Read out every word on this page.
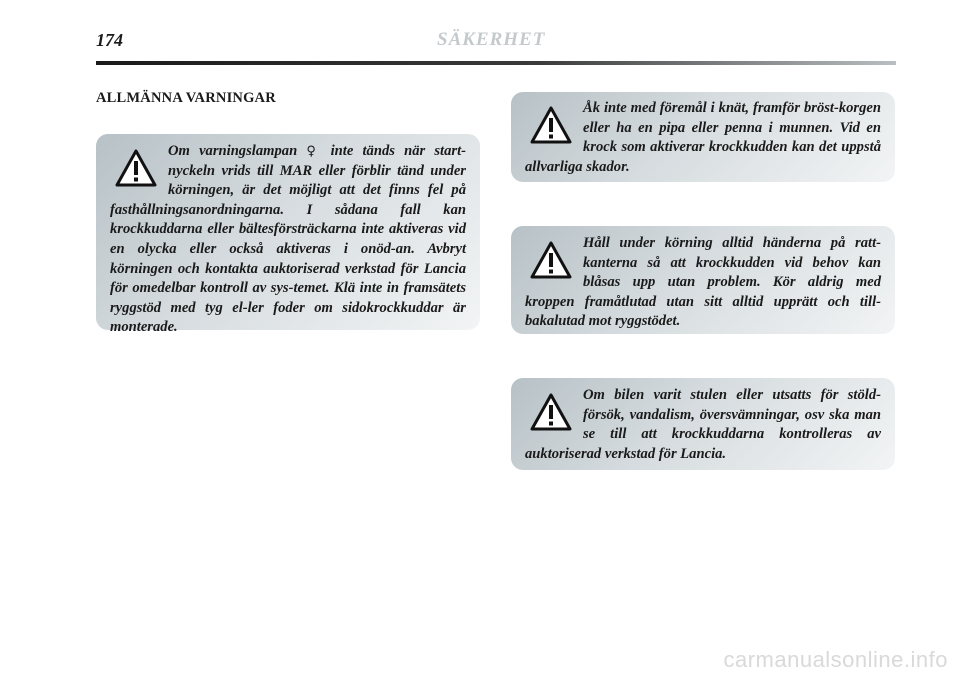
174	SÄKERHET
ALLMÄNNA VARNINGAR
Om varningslampan ♀ inte tänds när start-nyckeln vrids till MAR eller förblir tänd under körningen, är det möjligt att det finns fel på fasthållningsanordningarna. I sådana fall kan krockkuddarna eller bältesförsträckarna inte aktiveras vid en olycka eller också aktiveras i onöd-an. Avbryt körningen och kontakta auktoriserad verkstad för Lancia för omedelbar kontroll av sys-temet. Klä inte in framsätets ryggstöd med tyg el-ler foder om sidokrockkuddar är monterade.
Åk inte med föremål i knät, framför bröst-korgen eller ha en pipa eller penna i munnen. Vid en krock som aktiverar krockkudden kan det uppstå allvarliga skador.
Håll under körning alltid händerna på ratt-kanterna så att krockkudden vid behov kan blåsas upp utan problem. Kör aldrig med kroppen framåtlutad utan sitt alltid upprätt och till-bakalutad mot ryggstödet.
Om bilen varit stulen eller utsatts för stöld-försök, vandalism, översvämningar, osv ska man se till att krockkuddarna kontrolleras av auktoriserad verkstad för Lancia.
carmanualsonline.info
